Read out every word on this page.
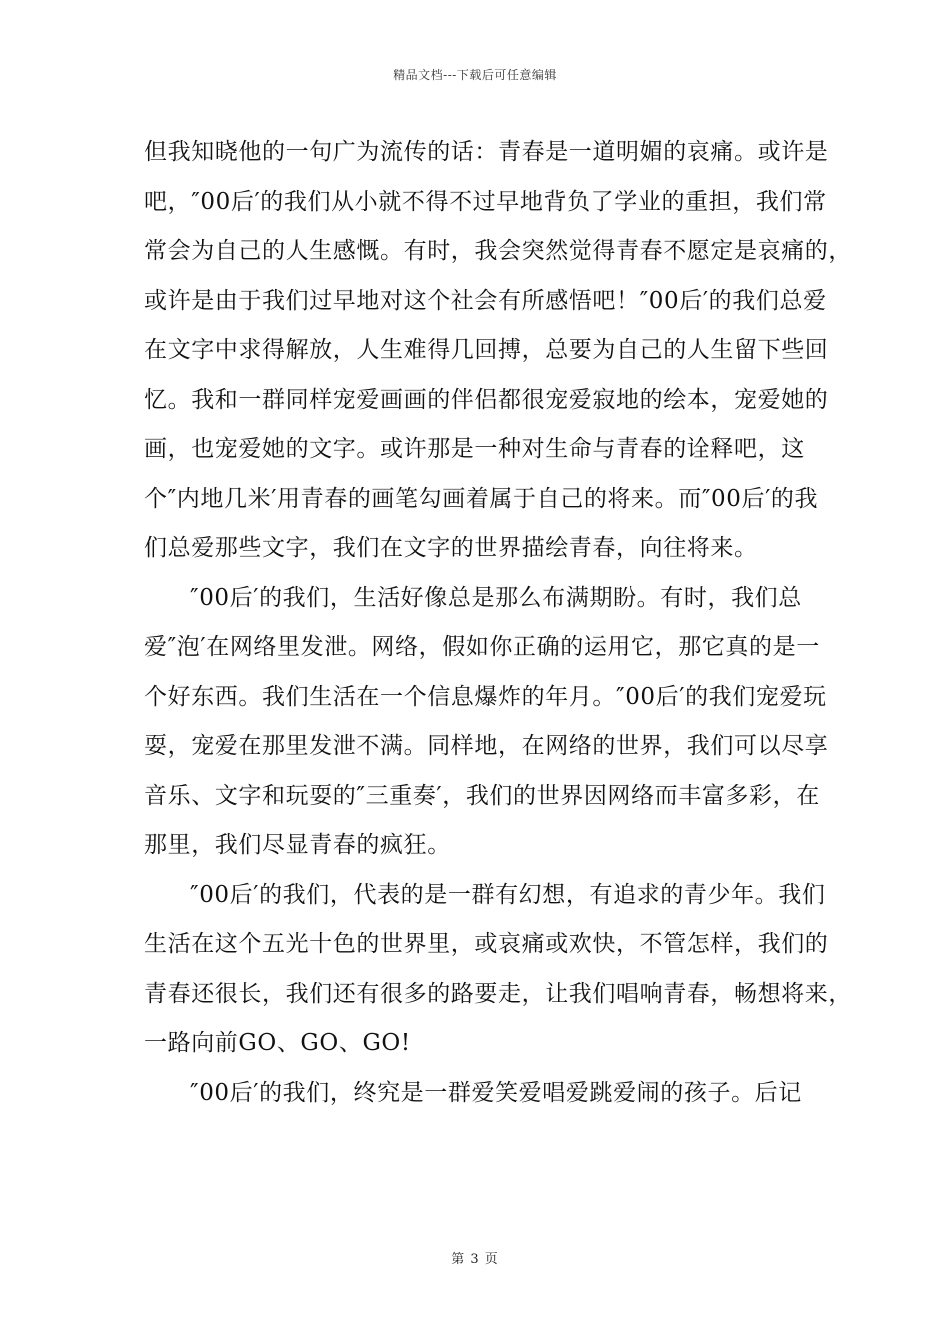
精品文档---下载后可任意编辑
但我知晓他的一句广为流传的话：青春是一道明媚的哀痛。或许是
吧，″00后′的我们从小就不得不过早地背负了学业的重担，我们常
常会为自己的人生感慨。有时，我会突然觉得青春不愿定是哀痛的，
或许是由于我们过早地对这个社会有所感悟吧！″00后′的我们总爱
在文字中求得解放，人生难得几回搏，总要为自己的人生留下些回
忆。我和一群同样宠爱画画的伴侣都很宠爱寂地的绘本，宠爱她的
画，也宠爱她的文字。或许那是一种对生命与青春的诠释吧，这
个″内地几米′用青春的画笔勾画着属于自己的将来。而″00后′的我
们总爱那些文字，我们在文字的世界描绘青春，向往将来。
″00后′的我们，生活好像总是那么布满期盼。有时，我们总
爱″泡′在网络里发泄。网络，假如你正确的运用它，那它真的是一
个好东西。我们生活在一个信息爆炸的年月。″00后′的我们宠爱玩
耍，宠爱在那里发泄不满。同样地，在网络的世界，我们可以尽享
音乐、文字和玩耍的″三重奏′，我们的世界因网络而丰富多彩，在
那里，我们尽显青春的疯狂。
″00后′的我们，代表的是一群有幻想，有追求的青少年。我们
生活在这个五光十色的世界里，或哀痛或欢快，不管怎样，我们的
青春还很长，我们还有很多的路要走，让我们唱响青春，畅想将来，
一路向前GO、GO、GO!
″00后′的我们，终究是一群爱笑爱唱爱跳爱闹的孩子。后记
第 3 页
